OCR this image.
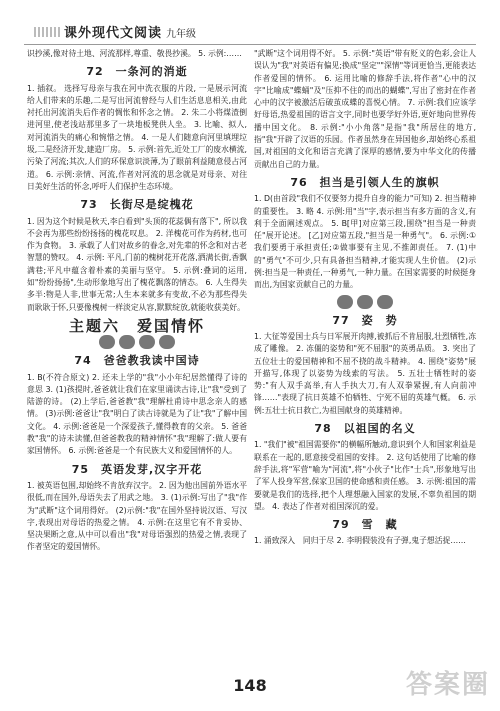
课外现代文阅读 九年级

识抄溪,像对待土地、河流那样,尊重、敬畏抄溪。 5. 示例:……

72　一条河的消逝

1. 插叙。 选择写母亲与我在河中洗衣服的片段, 一是展示河流给人们带来的乐趣,二是写出河流曾经与人们生活息息相关,由此衬托出河流消失后作者的惆怅和怀念之情。 2. 朱二小将煤渣倒进河里,使老浅站那里多了一块地板凳供人坐。 3. 比喻、拟人,对河流消失的痛心和惋惜之情。 4. 一是人们随意向河里填埋垃圾,二是经济开发,建造厂房。 5. 示例:首先,近处工厂的废水横流,污染了河流;其次,人们的环保意识淡薄,为了眼前利益随意侵占河道。 6. 示例:亲情、河流,作者对河流的思念就是对母亲、对往日美好生活的怀念,呼吁人们保护生态环境。

73　长街尽是绽槐花

1. 因为这个时候是秋天,李白看到"头顶的花蕊偶有落下", 所以我不会再为那些纷纷扬扬的槐花叹息。 2. 洋槐花可作为药材,也可作为食物。 3. 承载了人们对故乡的眷念,对先辈的怀念和对古老智慧的赞叹。 4. 示例: 平凡,门前的槐树花开花落,洒满长街,香飘满巷;平凡中蕴含着朴素的美丽与坚守。 5. 示例:叠词的运用,如"纷纷扬扬",生动形象地写出了槐花飘落的情态。 6. 人生得失多半:物是人非,世事无常;人生本来就多有变故,不必为那些得失而耿耿于怀,只要像槐树一样淡定从容,默默绽放,就能收获美好。

主题六　爱国情怀
74　爸爸教我读中国诗

1. B(不符合原文) 2. 还未上学的"我"小小年纪居然懂得了诗的意思 3. (1)孩提时,爸爸就让我们在家里诵读古诗,让"我"受到了陆游的诗。 (2)上学后,爸爸教"我"理解杜甫诗中思念亲人的感情。 (3)示例:爸爸让"我"明白了读古诗就是为了让"我"了解中国文化。 4. 示例:爸爸是一个深爱孩子,懂得教育的父亲。 5. 爸爸教"我"的诗未读懂,但爸爸教我的精神情怀"我"理解了:做人要有家国情怀。 6. 示例:爸爸是一个有民族大义和爱国情怀的人。

75　英语发芽,汉字开花

1. 被英语包围,却始终不肯放弃汉字。 2. 因为他出国前外语水平很低,而在国外,母语失去了用武之地。 3. (1)示例:写出了"我"作为"武断"这个词用得好。 (2)示例:"我"在国外坚持说汉语、写汉字,表现出对母语的热爱之情。 4. 示例:在这里它有不肯妥协、坚决果断之意,从中可以看出"我"对母语强烈的热爱之情,表现了作者坚定的爱国情怀。

"武断"这个词用得不好。 5. 示例:"英语"带有贬义的色彩,会让人误认为"我"对英语有偏见;换成"坚定""深情"等词更恰当,更能表达作者爱国的情怀。 6. 运用比喻的修辞手法,将作者"心中的汉字"比喻成"蝶蛹"及"压抑不住的而出的蝴蝶",写出了密封在作者心中的汉字被激活后破茧成蝶的喜悦心情。 7. 示例:我们应该学好母语,热爱祖国的语言文字,同时也要学好外语,更好地向世界传播中国文化。 8. 示例:"小小角落"是指"我"所居住的地方,指"我"开辟了汉语的乐园。作者虽然身在异国他乡,却始终心系祖国,对祖国的文化和语言充满了深厚的感情,要为中华文化的传播贡献出自己的力量。

76　担当是引领人生的旗帜

1. D(由首段"我们不仅要努力提升自身的能力"可知) 2. 担当精神的重要性。 3. 略 4. 示例:用"当"字,表示担当有多方面的含义,有利于全面阐述观点。 5. B[甲]对应第三段,围绕"担当是一种责任"展开论述。 [乙]对应第五段,"担当是一种勇气"。 6. 示例:①我们要勇于承担责任;②做事要有主见,不推卸责任。 7. (1)中的"勇气"不可少,只有具备担当精神,才能实现人生价值。 (2)示例:担当是一种责任,一种勇气,一种力量。在国家需要的时候挺身而出,为国家贡献自己的力量。

77　姿　势

1. 大征等爱国士兵与日军展开肉搏,被抓后不肯屈服,壮烈牺牲,冻成了雕像。 2. 冻僵的姿势和"死不屈服"的英勇品质。 3. 突出了五位壮士的爱国精神和不屈不挠的战斗精神。 4. 围绕"姿势"展开描写,体现了以姿势为线索的写法。 5. 五壮士牺牲时的姿势:"有人双手高举,有人手执大刀,有人双拳紧握,有人向前冲锋……"表现了抗日英雄不怕牺牲、宁死不屈的英雄气概。 6. 示例:五壮士抗日救亡,为祖国献身的英雄精神。

78　以祖国的名义

1. "我们"被"祖国需要你"的横幅所触动,意识到个人和国家利益是联系在一起的,愿意接受祖国的安排。 2. 这句话使用了比喻的修辞手法,将"军营"喻为"河流",将"小伙子"比作"士兵",形象地写出了军人投身军营,保家卫国的使命感和责任感。 3. 示例:祖国的需要就是我们的选择,把个人理想融入国家的发展,不辜负祖国的期望。 4. 表达了作者对祖国深沉的爱。

79　雪　藏

1. 涌致深入　同归于尽 2. 李明假装没有子弹,鬼子想活捉……

148	答案圈
